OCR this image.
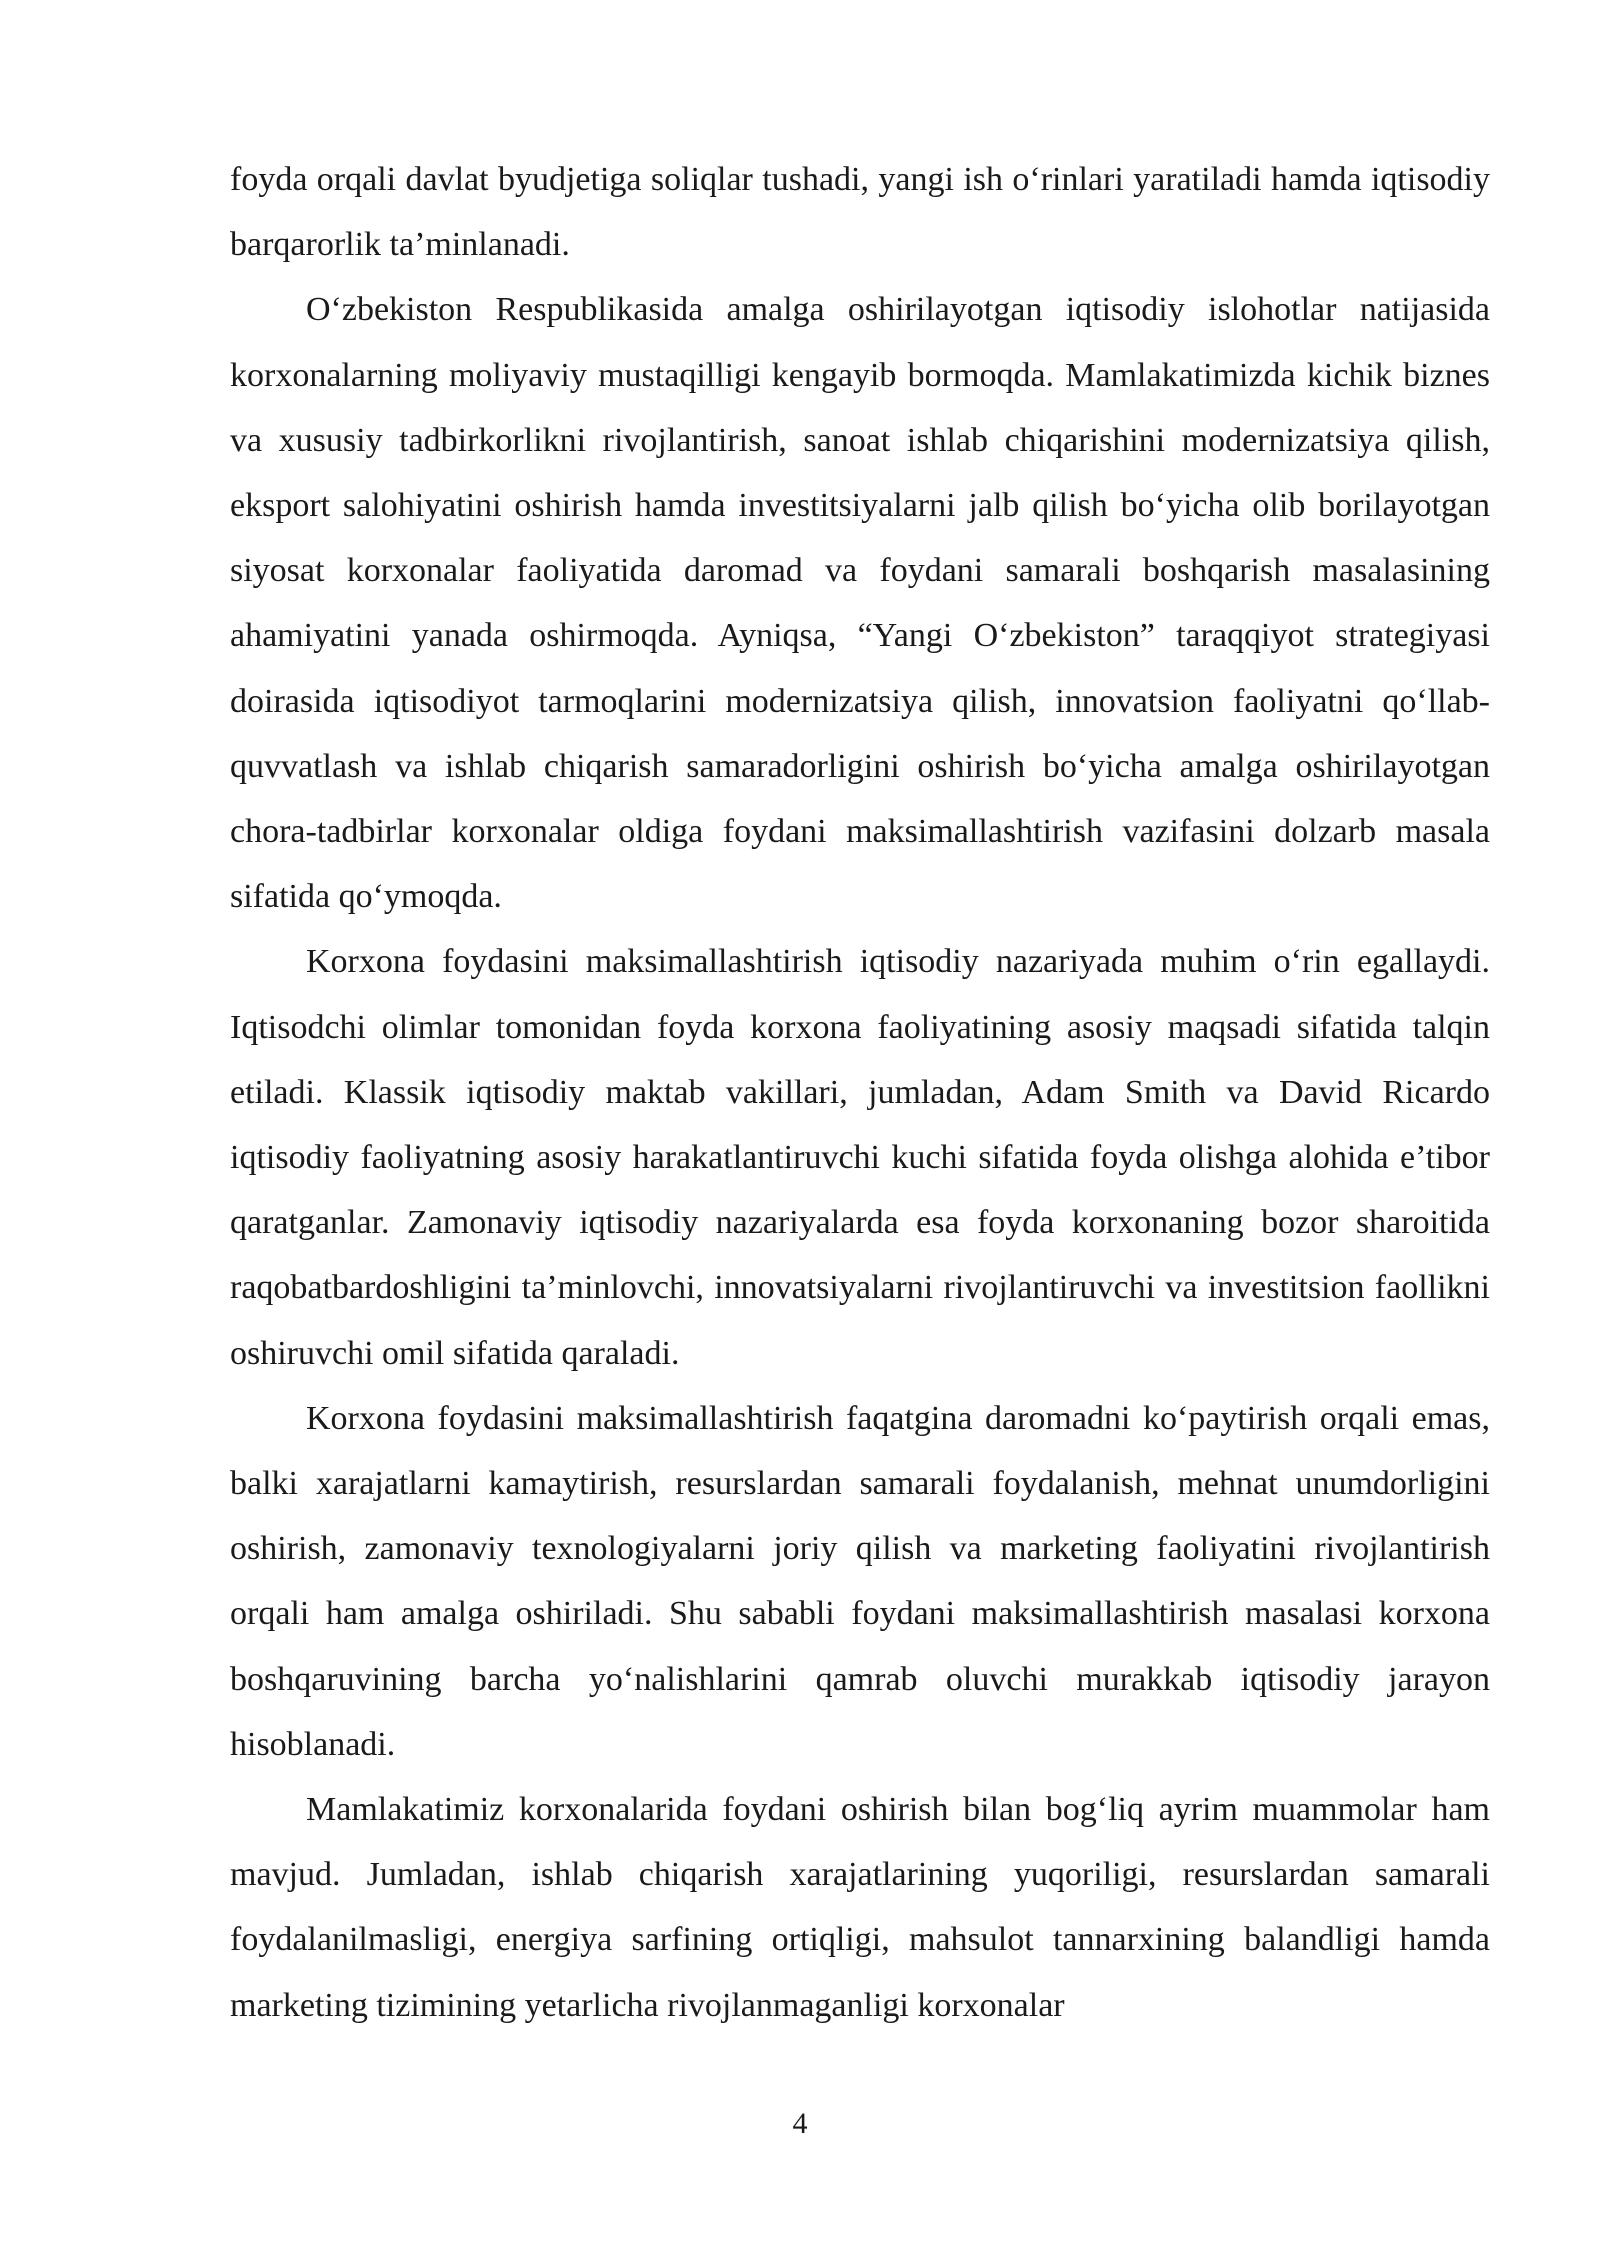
foyda orqali davlat byudjetiga soliqlar tushadi, yangi ish o‘rinlari yaratiladi hamda iqtisodiy barqarorlik ta’minlanadi.

O‘zbekiston Respublikasida amalga oshirilayotgan iqtisodiy islohotlar natijasida korxonalarning moliyaviy mustaqilligi kengayib bormoqda. Mamlakatimizda kichik biznes va xususiy tadbirkorlikni rivojlantirish, sanoat ishlab chiqarishini modernizatsiya qilish, eksport salohiyatini oshirish hamda investitsiyalarni jalb qilish bo‘yicha olib borilayotgan siyosat korxonalar faoliyatida daromad va foydani samarali boshqarish masalasining ahamiyatini yanada oshirmoqda. Ayniqsa, “Yangi O‘zbekiston” taraqqiyot strategiyasi doirasida iqtisodiyot tarmoqlarini modernizatsiya qilish, innovatsion faoliyatni qo‘llab-quvvatlash va ishlab chiqarish samaradorligini oshirish bo‘yicha amalga oshirilayotgan chora-tadbirlar korxonalar oldiga foydani maksimallashtirish vazifasini dolzarb masala sifatida qo‘ymoqda.

Korxona foydasini maksimallashtirish iqtisodiy nazariyada muhim o‘rin egallaydi. Iqtisodchi olimlar tomonidan foyda korxona faoliyatining asosiy maqsadi sifatida talqin etiladi. Klassik iqtisodiy maktab vakillari, jumladan, Adam Smith va David Ricardo iqtisodiy faoliyatning asosiy harakatlantiruvchi kuchi sifatida foyda olishga alohida e’tibor qaratganlar. Zamonaviy iqtisodiy nazariyalarda esa foyda korxonaning bozor sharoitida raqobatbardoshligini ta’minlovchi, innovatsiyalarni rivojlantiruvchi va investitsion faollikni oshiruvchi omil sifatida qaraladi.

Korxona foydasini maksimallashtirish faqatgina daromadni ko‘paytirish orqali emas, balki xarajatlarni kamaytirish, resurslardan samarali foydalanish, mehnat unumdorligini oshirish, zamonaviy texnologiyalarni joriy qilish va marketing faoliyatini rivojlantirish orqali ham amalga oshiriladi. Shu sababli foydani maksimallashtirish masalasi korxona boshqaruvining barcha yo‘nalishlarini qamrab oluvchi murakkab iqtisodiy jarayon hisoblanadi.

Mamlakatimiz korxonalarida foydani oshirish bilan bog‘liq ayrim muammolar ham mavjud. Jumladan, ishlab chiqarish xarajatlarining yuqoriligi, resurslardan samarali foydalanilmasligi, energiya sarfining ortiqligi, mahsulot tannarxining balandligi hamda marketing tizimining yetarlicha rivojlanmaganligi korxonalar

4
